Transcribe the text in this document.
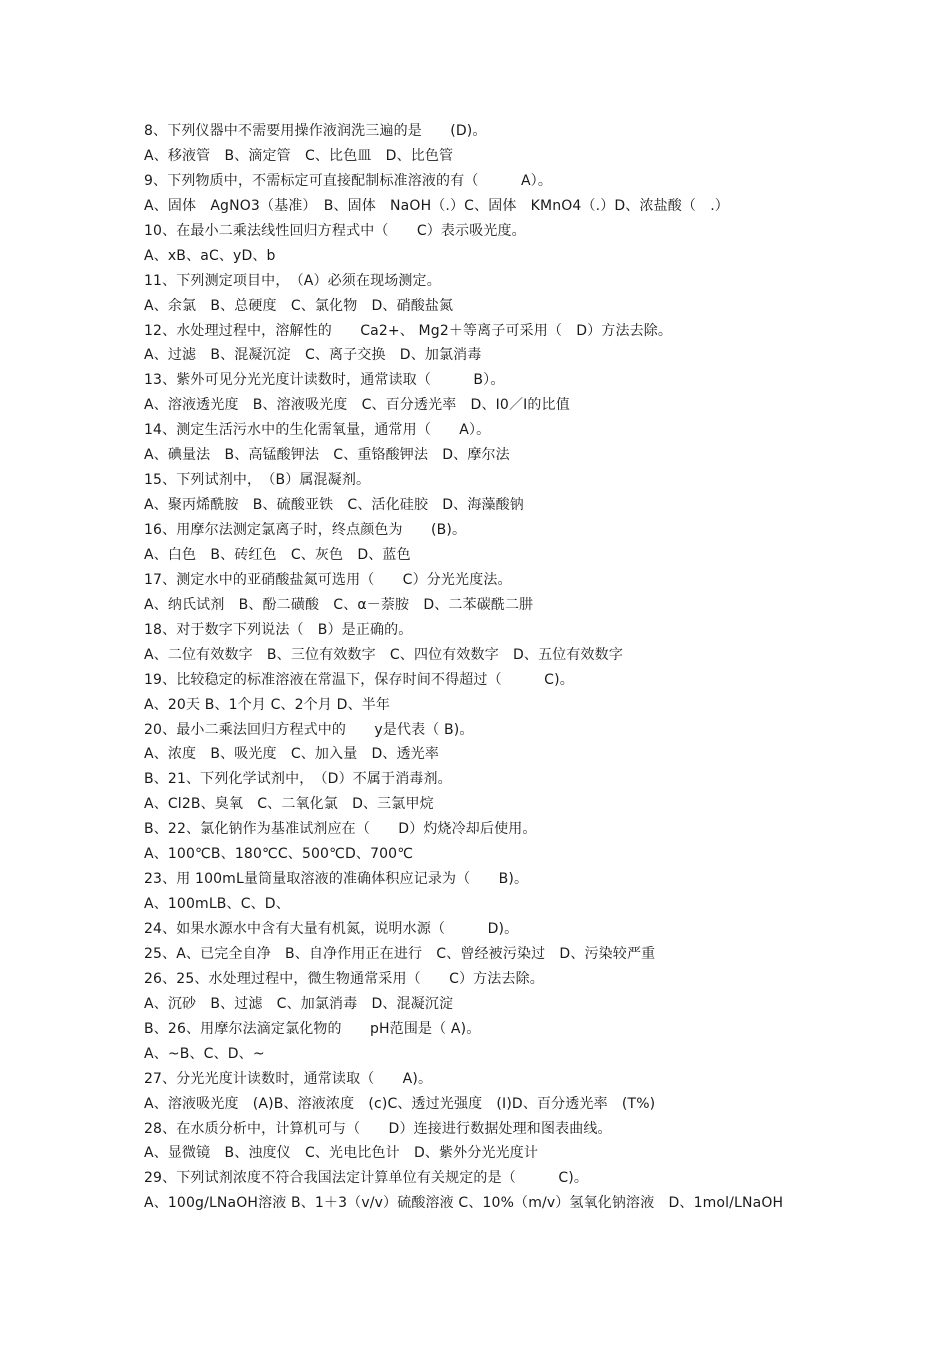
8、下列仪器中不需要用操作液润洗三遍的是　　(D)。
A、移液管　B、滴定管　C、比色皿　D、比色管
9、下列物质中，不需标定可直接配制标准溶液的有（　　　A）。
A、固体　AgNO3（基准）　B、固体　NaOH（.）C、固体　KMnO4（.）D、浓盐酸（　.）
10、在最小二乘法线性回归方程式中（　　C）表示吸光度。
A、xB、aC、yD、b
11、下列测定项目中，　（A）必须在现场测定。
A、余氯　B、总硬度　C、氯化物　D、硝酸盐氮
12、水处理过程中，溶解性的　　Ca2+、 Mg2＋等离子可采用（　D）方法去除。
A、过滤　B、混凝沉淀　C、离子交换　D、加氯消毒
13、紫外可见分光光度计读数时，通常读取（　　　B）。
A、溶液透光度　B、溶液吸光度　C、百分透光率　D、I0／I的比值
14、测定生活污水中的生化需氧量，通常用（　　A）。
A、碘量法　B、高锰酸钾法　C、重铬酸钾法　D、摩尔法
15、下列试剂中，　（B）属混凝剂。
A、聚丙烯酰胺　B、硫酸亚铁　C、活化硅胶　D、海藻酸钠
16、用摩尔法测定氯离子时，终点颜色为　　(B)。
A、白色　B、砖红色　C、灰色　D、蓝色
17、测定水中的亚硝酸盐氮可选用（　　C）分光光度法。
A、纳氏试剂　B、酚二磺酸　C、α－萘胺　D、二苯碳酰二肼
18、对于数字下列说法（　B）是正确的。
A、二位有效数字　B、三位有效数字　C、四位有效数字　D、五位有效数字
19、比较稳定的标准溶液在常温下，保存时间不得超过（　　　C)。
A、20天 B、1个月 C、2个月 D、半年
20、最小二乘法回归方程式中的　　y是代表（ B)。
A、浓度　B、吸光度　C、加入量　D、透光率
B、21、下列化学试剂中，　（D）不属于消毒剂。
A、Cl2B、臭氧　C、二氧化氯　D、三氯甲烷
B、22、氯化钠作为基准试剂应在（　　D）灼烧冷却后使用。
A、100℃B、180℃C、500℃D、700℃
23、用 100mL量筒量取溶液的准确体积应记录为（　　B)。
A、100mLB、C、D、
24、如果水源水中含有大量有机氮，说明水源（　　　D)。
25、A、已完全自净　B、自净作用正在进行　C、曾经被污染过　D、污染较严重
26、25、水处理过程中，微生物通常采用（　　C）方法去除。
A、沉砂　B、过滤　C、加氯消毒　D、混凝沉淀
B、26、用摩尔法滴定氯化物的　　pH范围是（ A)。
A、~B、C、D、~
27、分光光度计读数时，通常读取（　　A)。
A、溶液吸光度　(A)B、溶液浓度　(c)C、透过光强度　(I)D、百分透光率　(T%)
28、在水质分析中，计算机可与（　　D）连接进行数据处理和图表曲线。
A、显微镜　B、浊度仪　C、光电比色计　D、紫外分光光度计
29、下列试剂浓度不符合我国法定计算单位有关规定的是（　　　C)。
A、100g/LNaOH溶液 B、1＋3（v/v）硫酸溶液 C、10%（m/v）氢氧化钠溶液　D、1mol/LNaOH
